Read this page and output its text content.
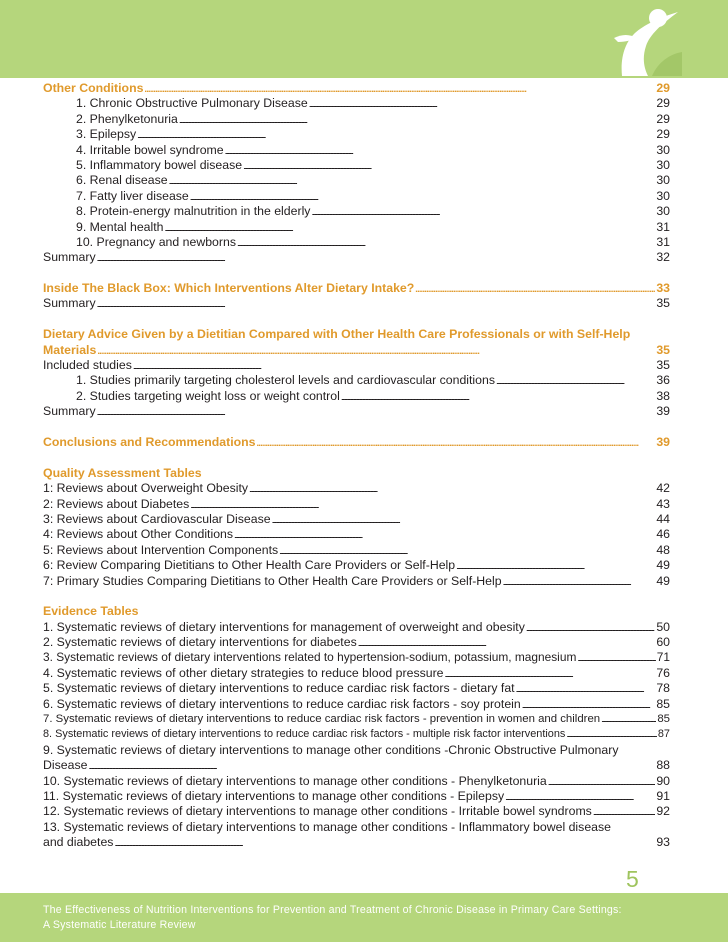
Other Conditions . . .	29
1. Chronic Obstructive Pulmonary Disease . . .	29
2. Phenylketonuria . . .	29
3. Epilepsy . . .	29
4. Irritable bowel syndrome . . .	30
5. Inflammatory bowel disease . . .	30
6. Renal disease . . .	30
7. Fatty liver disease . . .	30
8. Protein-energy malnutrition in the elderly . . .	30
9. Mental health . . .	31
10. Pregnancy and newborns . . .	31
Summary . . .	32
Inside The Black Box: Which Interventions Alter Dietary Intake? . . .	33
Summary . . .	35
Dietary Advice Given by a Dietitian Compared with Other Health Care Professionals or with Self-Help
Materials . . .	35
Included studies . . .	35
1. Studies primarily targeting cholesterol levels and cardiovascular conditions . . .	36
2. Studies targeting weight loss or weight control . . .	38
Summary . . .	39
Conclusions and Recommendations . . .	39
Quality Assessment Tables
1: Reviews about Overweight Obesity . . .	42
2: Reviews about Diabetes . . .	43
3: Reviews about Cardiovascular Disease . . .	44
4: Reviews about Other Conditions . . .	46
5: Reviews about Intervention Components . . .	48
6: Review Comparing Dietitians to Other Health Care Providers or Self-Help . . .	49
7: Primary Studies Comparing Dietitians to Other Health Care Providers or Self-Help . . .	49
Evidence Tables
1. Systematic reviews of dietary interventions for management of overweight and obesity . . .	50
2. Systematic reviews of dietary interventions for diabetes . . .	60
3. Systematic reviews of dietary interventions related to hypertension-sodium, potassium, magnesium . . .	71
4. Systematic reviews of other dietary strategies to reduce blood pressure . . .	76
5. Systematic reviews of dietary interventions to reduce cardiac risk factors - dietary fat . . .	78
6. Systematic reviews of dietary interventions to reduce cardiac risk factors - soy protein . . .	85
7. Systematic reviews of dietary interventions to reduce cardiac risk factors - prevention in women and children . . .	85
8. Systematic reviews of dietary interventions to reduce cardiac risk factors - multiple risk factor interventions . . .	87
9. Systematic reviews of dietary interventions to manage other conditions -Chronic Obstructive Pulmonary
Disease . . .	88
10. Systematic reviews of dietary interventions to manage other conditions - Phenylketonuria . . .	90
11. Systematic reviews of dietary interventions to manage other conditions - Epilepsy . . .	91
12. Systematic reviews of dietary interventions to manage other conditions - Irritable bowel syndroms . . .	92
13. Systematic reviews of dietary interventions to manage other conditions - Inflammatory bowel disease
and diabetes . . .	93
5
The Effectiveness of Nutrition Interventions for Prevention and Treatment of Chronic Disease in Primary Care Settings:
A Systematic Literature Review
